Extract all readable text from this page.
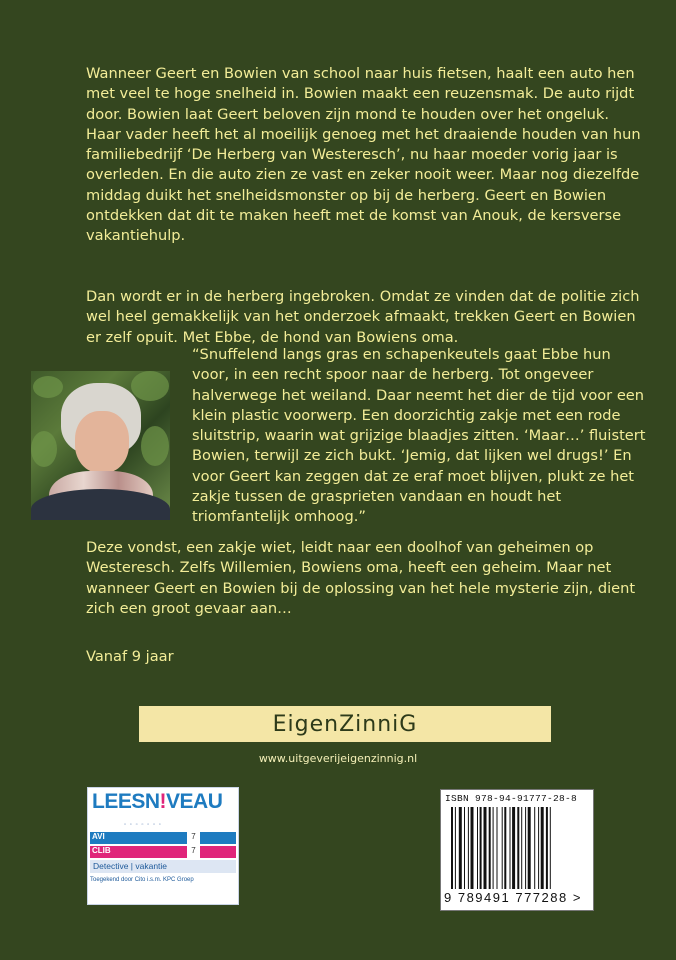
Wanneer Geert en Bowien van school naar huis fietsen, haalt een auto hen met veel te hoge snelheid in. Bowien maakt een reuzensmak. De auto rijdt door. Bowien laat Geert beloven zijn mond te houden over het ongeluk. Haar vader heeft het al moeilijk genoeg met het draaiende houden van hun familiebedrijf ‘De Herberg van Westeresch’, nu haar moeder vorig jaar is overleden. En die auto zien ze vast en zeker nooit weer. Maar nog diezelfde middag duikt het snelheidsmonster op bij de herberg. Geert en Bowien ontdekken dat dit te maken heeft met de komst van Anouk, de kersverse vakantiehulp.

Dan wordt er in de herberg ingebroken. Omdat ze vinden dat de politie zich wel heel gemakkelijk van het onderzoek afmaakt, trekken Geert en Bowien er zelf opuit. Met Ebbe, de hond van Bowiens oma.

“Snuffelend langs gras en schapenkeutels gaat Ebbe hun voor, in een recht spoor naar de herberg. Tot ongeveer halverwege het weiland. Daar neemt het dier de tijd voor een klein plastic voorwerp. Een doorzichtig zakje met een rode sluitstrip, waarin wat grijzige blaadjes zitten. ‘Maar…’ fluistert Bowien, terwijl ze zich bukt. ‘Jemig, dat lijken wel drugs!’ En voor Geert kan zeggen dat ze eraf moet blijven, plukt ze het zakje tussen de grasprieten vandaan en houdt het triomfantelijk omhoog.”

Deze vondst, een zakje wiet, leidt naar een doolhof van geheimen op Westeresch. Zelfs Willemien, Bowiens oma, heeft een geheim. Maar net wanneer Geert en Bowien bij de oplossing van het hele mysterie zijn, dient zich een groot gevaar aan…

Vanaf 9 jaar

EigenZinniG
www.uitgeverijeigenzinnig.nl
LEESN!VEAU
▫ ▫ ▫ ▫ ▫ ▫ ▫
AVI	7
CLIB	7
Detective | vakantie
Toegekend door Cito i.s.m. KPC Groep
ISBN 978-94-91777-28-8
9 789491 777288 >
